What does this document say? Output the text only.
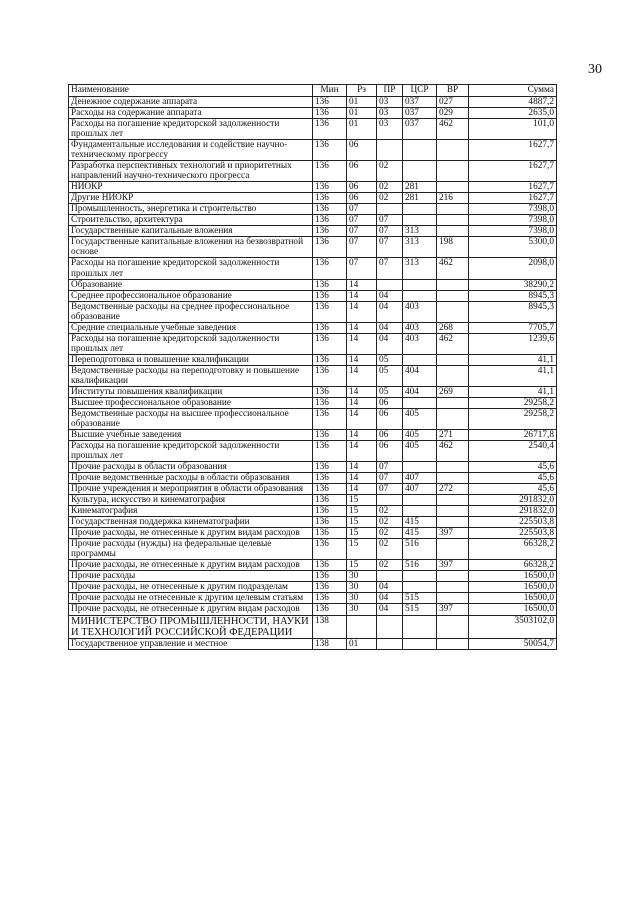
30
Наименование	Мин	Рз	ПР	ЦСР	ВР	Сумма
Денежное содержание аппарата	136	01	03	037	027	4887,2
Расходы на содержание аппарата	136	01	03	037	029	2635,0
Расходы на погашение кредиторской задолженности прошлых лет	136	01	03	037	462	101,0
Фундаментальные исследования и содействие научно-техническому прогрессу	136	06				1627,7
Разработка перспективных технологий и приоритетных направлений научно-технического прогресса	136	06	02			1627,7
НИОКР	136	06	02	281		1627,7
Другие НИОКР	136	06	02	281	216	1627,7
Промышленность, энергетика и строительство	136	07				7398,0
Строительство, архитектура	136	07	07			7398,0
Государственные капитальные вложения	136	07	07	313		7398,0
Государственные капитальные вложения на безвозвратной основе	136	07	07	313	198	5300,0
Расходы на погашение кредиторской задолженности прошлых лет	136	07	07	313	462	2098,0
Образование	136	14				38290,2
Среднее профессиональное образование	136	14	04			8945,3
Ведомственные расходы на среднее профессиональное образование	136	14	04	403		8945,3
Средние специальные учебные заведения	136	14	04	403	268	7705,7
Расходы на погашение кредиторской задолженности прошлых лет	136	14	04	403	462	1239,6
Переподготовка и повышение квалификации	136	14	05			41,1
Ведомственные расходы на переподготовку и повышение квалификации	136	14	05	404		41,1
Институты повышения квалификации	136	14	05	404	269	41,1
Высшее профессиональное образование	136	14	06			29258,2
Ведомственные расходы на высшее профессиональное образование	136	14	06	405		29258,2
Высшие учебные заведения	136	14	06	405	271	26717,8
Расходы на погашение кредиторской задолженности прошлых лет	136	14	06	405	462	2540,4
Прочие расходы в области образования	136	14	07			45,6
Прочие ведомственные расходы в области образования	136	14	07	407		45,6
Прочие учреждения и мероприятия в области образования	136	14	07	407	272	45,6
Культура, искусство и кинематография	136	15				291832,0
Кинематография	136	15	02			291832,0
Государственная поддержка кинематографии	136	15	02	415		225503,8
Прочие расходы, не отнесенные к другим видам расходов	136	15	02	415	397	225503,8
Прочие расходы (нужды) на федеральные целевые программы	136	15	02	516		66328,2
Прочие расходы, не отнесенные к другим видам расходов	136	15	02	516	397	66328,2
Прочие расходы	136	30				16500,0
Прочие расходы, не отнесенные к другим подразделам	136	30	04			16500,0
Прочие расходы не отнесенные к другим целевым статьям	136	30	04	515		16500,0
Прочие расходы, не отнесенные к другим видам расходов	136	30	04	515	397	16500,0
МИНИСТЕРСТВО ПРОМЫШЛЕННОСТИ, НАУКИ И ТЕХНОЛОГИЙ РОССИЙСКОЙ ФЕДЕРАЦИИ	138					3503102,0
Государственное управление и местное	138	01				50054,7
